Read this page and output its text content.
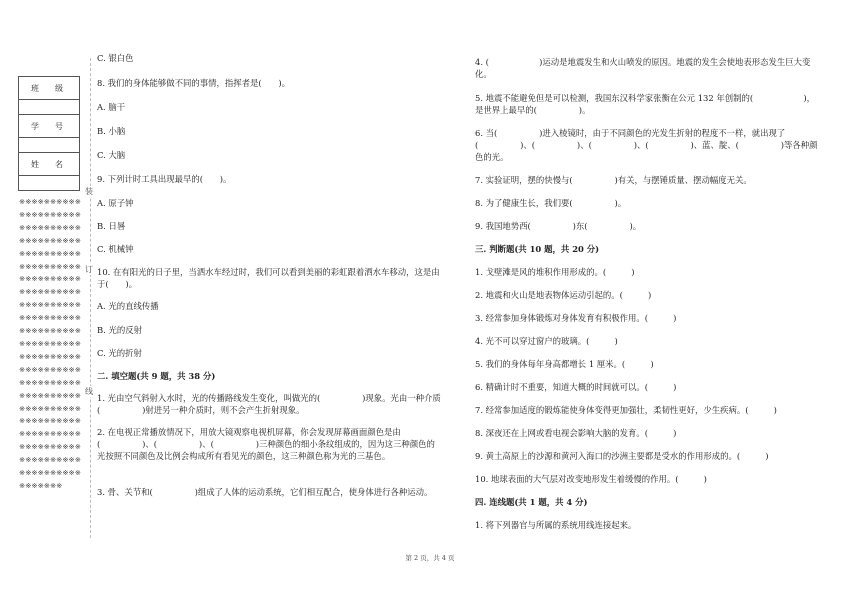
班　级

学　号

姓　名

※※※※※※※※※※※※※※※※※※※※※※※※※※※※※※※※※※※※※※※※※※※※※※※※※※※※※※※※※※※※※※※※※※※※※※※※※※※※※※※※※※※※※※※※※※※※※※※※※※※※※※※※※※※※※※※※※※※※※※※※※※※※※※※※※※※※※※※※※※※※※※※※※※※※※※※※※※※※※※※※※※※※※※※※※※※※※※※※※※※※※※※※※※※※※※※※※※※※※※※※※※※※※※※※※※※※※※※※※※※※※※※※※※※
装
订
线

C. 银白色

8. 我们的身体能够做不同的事情，指挥者是(　　)。

A. 脑干

B. 小脑

C. 大脑

9. 下列计时工具出现最早的(　　)。

A. 原子钟

B. 日晷

C. 机械钟

10. 在有阳光的日子里，当洒水车经过时，我们可以看到美丽的彩虹跟着洒水车移动，这是由于(　　)。

A. 光的直线传播

B. 光的反射

C. 光的折射

二. 填空题(共 9 题，共 38 分)

1. 光由空气斜射入水时，光的传播路线发生变化，叫做光的(　　　　　)现象。光由一种介质(　　　　　)射进另一种介质时，则不会产生折射现象。

2. 在电视正常播放情况下，用放大镜观察电视机屏幕，你会发现屏幕画面颜色是由(　　　　　)、(　　　　　)、(　　　　　)三种颜色的细小条纹组成的，因为这三种颜色的光按照不同颜色及比例会构成所有看见光的颜色，这三种颜色称为光的三基色。

3. 骨、关节和(　　　　　)组成了人体的运动系统，它们相互配合，使身体进行各种运动。

4. (　　　　　　)运动是地震发生和火山喷发的原因。地震的发生会使地表形态发生巨大变化。

5. 地震不能避免但是可以检测，我国东汉科学家张衡在公元 132 年创制的(　　　　　　)，是世界上最早的(　　　　　)。

6. 当(　　　　　)进入棱镜时，由于不同颜色的光发生折射的程度不一样，就出现了(　　　　　)、(　　　　　)、(　　　　　)、(　　　　　)、蓝、靛、(　　　　　)等各种颜色的光。

7. 实验证明，摆的快慢与(　　　　　)有关，与摆锤质量、摆动幅度无关。

8. 为了健康生长，我们要(　　　　　)。

9. 我国地势西(　　　　　)东(　　　　　)。

三. 判断题(共 10 题，共 20 分)

1. 戈壁滩是风的堆积作用形成的。(　　　)

2. 地震和火山是地表物体运动引起的。(　　　)

3. 经常参加身体锻炼对身体发育有积极作用。(　　　)

4. 光不可以穿过窗户的玻璃。(　　　)

5. 我们的身体每年身高都增长 1 厘米。(　　　)

6. 精确计时不重要，知道大概的时间就可以。(　　　)

7. 经常参加适度的锻炼能使身体变得更加强壮，柔韧性更好，少生疾病。(　　　)

8. 深夜还在上网或看电视会影响大脑的发育。(　　　)

9. 黄土高原上的沙源和黄河入海口的沙洲主要都是受水的作用形成的。(　　　)

10. 地球表面的大气层对改变地形发生着缓慢的作用。(　　　)

四. 连线题(共 1 题，共 4 分)

1. 将下列器官与所属的系统用线连接起来。

第 2 页，共 4 页
